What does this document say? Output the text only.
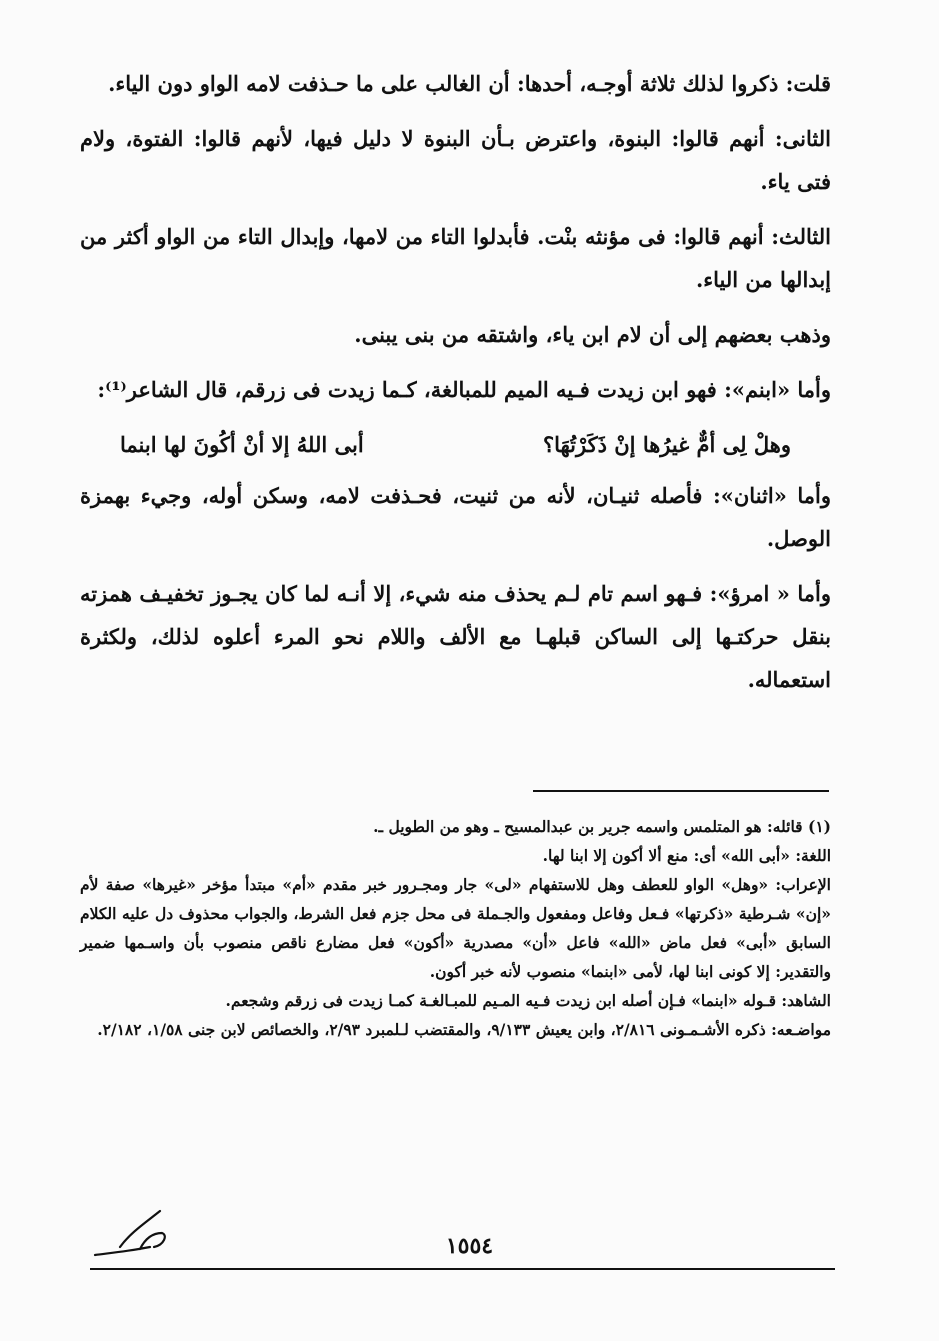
قلت: ذكروا لذلك ثلاثة أوجـه، أحدها: أن الغالب على ما حـذفت لامه الواو دون الياء.

الثانى: أنهم قالوا: البنوة، واعترض بـأن البنوة لا دليل فيها، لأنهم قالوا: الفتوة، ولام فتى ياء.

الثالث: أنهم قالوا: فى مؤنثه بنْت. فأبدلوا التاء من لامها، وإبدال التاء من الواو أكثر من إبدالها من الياء.

وذهب بعضهم إلى أن لام ابن ياء، واشتقه من بنى يبنى.

وأما «ابنم»: فهو ابن زيدت فـيه الميم للمبالغة، كـما زيدت فى زرقم، قال الشاعر⁽¹⁾:

وهلْ لِى أمٌّ غيرُها إنْ ذَكَرْتُهَا؟
أبى اللهُ إلا أنْ أكُونَ لها ابنما

وأما «اثنان»: فأصله ثنيـان، لأنه من ثنيت، فحـذفت لامه، وسكن أوله، وجيء بهمزة الوصل.

وأما « امرؤ»: فـهو اسم تام لـم يحذف منه شيء، إلا أنـه لما كان يجـوز تخفيـف همزته بنقل حركتـها إلى الساكن قبلهـا مع الألف واللام نحو المرء أعلوه لذلك، ولكثرة استعماله.

(١) قائله: هو المتلمس واسمه جرير بن عبدالمسيح ـ وهو من الطويل ـ.

اللغة: «أبى الله» أى: منع ألا أكون إلا ابنا لها.

الإعراب: «وهل» الواو للعطف وهل للاستفهام «لى» جار ومجـرور خبر مقدم «أم» مبتدأ مؤخر «غيرها» صفة لأم «إن» شـرطية «ذكرتها» فـعل وفاعل ومفعول والجـملة فى محل جزم فعل الشرط، والجواب محذوف دل عليه الكلام السابق «أبى» فعل ماض «الله» فاعل «أن» مصدرية «أكون» فعل مضارع ناقص منصوب بأن واسـمها ضمير والتقدير: إلا كونى ابنا لها، لأمى «ابنما» منصوب لأنه خبر أكون.

الشاهد: قـوله «ابنما» فـإن أصله ابن زيدت فـيه المـيم للمبـالغـة كمـا زيدت فى زرقم وشجعم.

مواضـعه: ذكره الأشـمـونى ٢/٨١٦، وابن يعيش ٩/١٣٣، والمقتضب لـلمبرد ٢/٩٣، والخصائص لابن جنى ١/٥٨، ٢/١٨٢.

١٥٥٤
